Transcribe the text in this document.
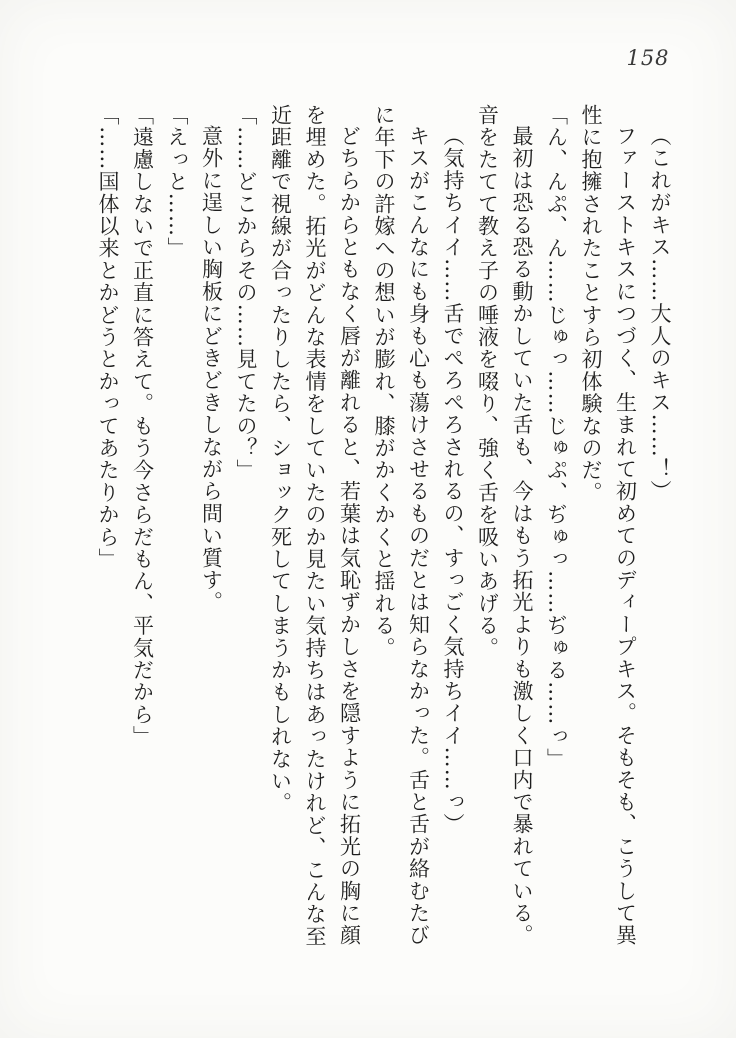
158

（これがキス……大人のキス……！）

ファーストキスにつづく、生まれて初めてのディープキス。そもそも、こうして異性に抱擁されたことすら初体験なのだ。

「ん、んぷ、ん……じゅっ……じゅぷ、ぢゅっ……ぢゅる……っ」

最初は恐る恐る動かしていた舌も、今はもう拓光よりも激しく口内で暴れている。音をたてて教え子の唾液を啜り、強く舌を吸いあげる。

（気持ちイイ……舌でぺろぺろされるの、すっごく気持ちイイ……っ）

キスがこんなにも身も心も蕩けさせるものだとは知らなかった。舌と舌が絡むたびに年下の許嫁への想いが膨れ、膝がかくかくと揺れる。

どちらからともなく唇が離れると、若葉は気恥ずかしさを隠すように拓光の胸に顔を埋めた。拓光がどんな表情をしていたのか見たい気持ちはあったけれど、こんな至近距離で視線が合ったりしたら、ショック死してしまうかもしれない。

「……どこからその……見てたの？」

意外に逞しい胸板にどきどきしながら問い質す。

「えっと……」

「遠慮しないで正直に答えて。もう今さらだもん、平気だから」

「……国体以来とかどうとかってあたりから」
